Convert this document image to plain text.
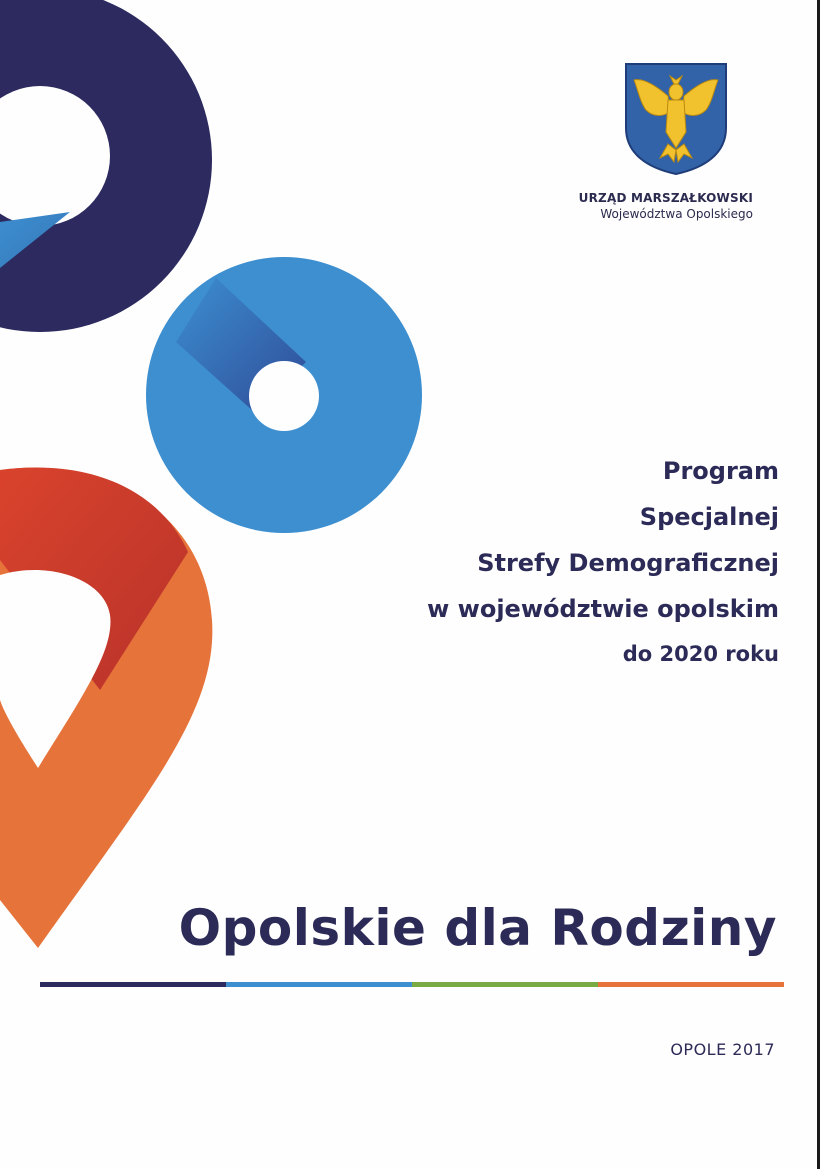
URZĄD MARSZAŁKOWSKI
Województwa Opolskiego
Program
Specjalnej
Strefy Demograficznej
w województwie opolskim
do 2020 roku
Opolskie dla Rodziny
OPOLE 2017
